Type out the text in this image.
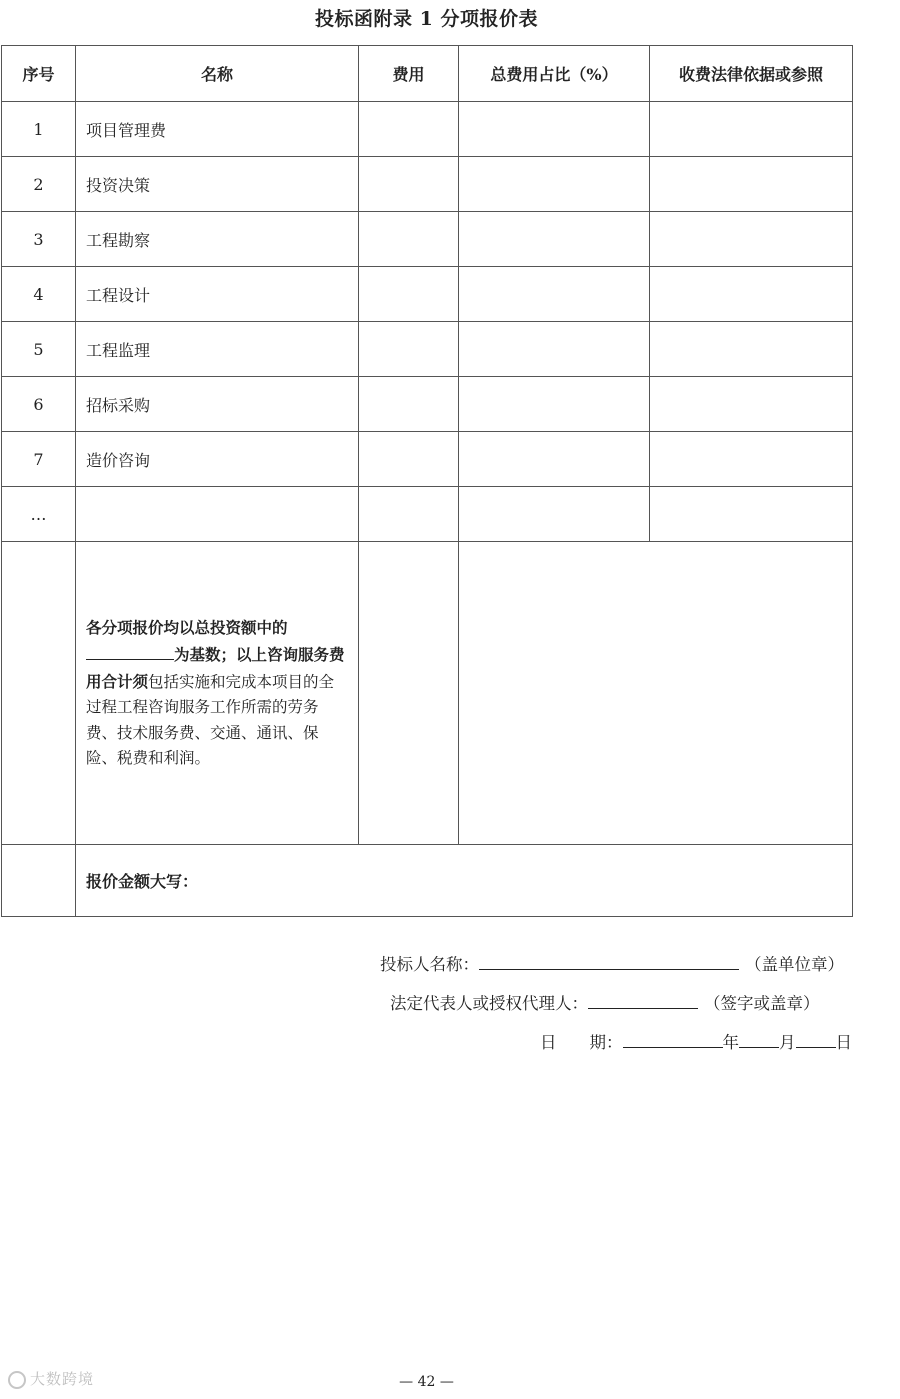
投标函附录 1 分项报价表
序号	名称	费用	总费用占比（%）	收费法律依据或参照
1	项目管理费			
2	投资决策			
3	工程勘察			
4	工程设计			
5	工程监理			
6	招标采购			
7	造价咨询			
…				
	各分项报价均以总投资额中的
为基数；以上咨询服务费用合计须包括实施和完成本项目的全过程工程咨询服务工作所需的劳务费、技术服务费、交通、通讯、保险、税费和利润。			
	报价金额大写：			
投标人名称：	（盖单位章）
法定代表人或授权代理人：	（签字或盖章）
日　　期：	年 月 日
大数跨境	— 42 —
